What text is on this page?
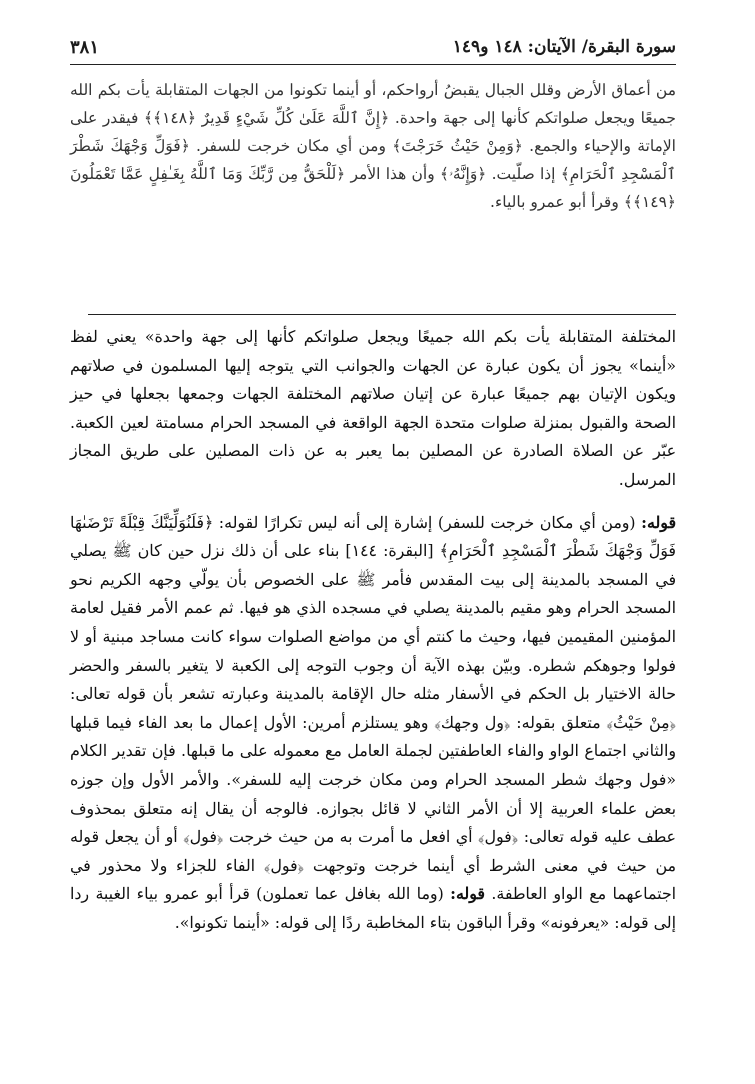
سورة البقرة/ الآيتان: ١٤٨ و١٤٩
٣٨١

من أعماق الأرض وقلل الجبال يقبضُ أرواحكم، أو أينما تكونوا من الجهات المتقابلة يأت بكم الله جميعًا ويجعل صلواتكم كأنها إلى جهة واحدة. ﴿إِنَّ ٱللَّهَ عَلَىٰ كُلِّ شَيْءٍ قَدِيرٌ ﴿١٤٨﴾﴾ فيقدر على الإماتة والإحياء والجمع. ﴿وَمِنْ حَيْثُ خَرَجْتَ﴾ ومن أي مكان خرجت للسفر. ﴿فَوَلِّ وَجْهَكَ شَطْرَ ٱلْمَسْجِدِ ٱلْحَرَامِ﴾ إذا صلّيت. ﴿وَإِنَّهُۥ﴾ وأن هذا الأمر ﴿لَلْحَقُّ مِن رَّبِّكَ وَمَا ٱللَّهُ بِغَـٰفِلٍ عَمَّا تَعْمَلُونَ ﴿١٤٩﴾﴾ وقرأ أبو عمرو بالياء.

المختلفة المتقابلة يأت بكم الله جميعًا ويجعل صلواتكم كأنها إلى جهة واحدة» يعني لفظ «أينما» يجوز أن يكون عبارة عن الجهات والجوانب التي يتوجه إليها المسلمون في صلاتهم ويكون الإتيان بهم جميعًا عبارة عن إتيان صلاتهم المختلفة الجهات وجمعها بجعلها في حيز الصحة والقبول بمنزلة صلوات متحدة الجهة الواقعة في المسجد الحرام مسامتة لعين الكعبة. عبّر عن الصلاة الصادرة عن المصلين بما يعبر به عن ذات المصلين على طريق المجاز المرسل.

قوله: (ومن أي مكان خرجت للسفر) إشارة إلى أنه ليس تكرارًا لقوله: ﴿فَلَنُوَلِّيَنَّكَ قِبْلَةً تَرْضَىٰهَا فَوَلِّ وَجْهَكَ شَطْرَ ٱلْمَسْجِدِ ٱلْحَرَامِ﴾ [البقرة: ١٤٤] بناء على أن ذلك نزل حين كان ﷺ يصلي في المسجد بالمدينة إلى بيت المقدس فأمر ﷺ على الخصوص بأن يولّي وجهه الكريم نحو المسجد الحرام وهو مقيم بالمدينة يصلي في مسجده الذي هو فيها. ثم عمم الأمر فقيل لعامة المؤمنين المقيمين فيها، وحيث ما كنتم أي من مواضع الصلوات سواء كانت مساجد مبنية أو لا فولوا وجوهكم شطره. وبيّن بهذه الآية أن وجوب التوجه إلى الكعبة لا يتغير بالسفر والحضر حالة الاختيار بل الحكم في الأسفار مثله حال الإقامة بالمدينة وعبارته تشعر بأن قوله تعالى: ﴿مِنْ حَيْثُ﴾ متعلق بقوله: ﴿ول وجهك﴾ وهو يستلزم أمرين: الأول إعمال ما بعد الفاء فيما قبلها والثاني اجتماع الواو والفاء العاطفتين لجملة العامل مع معموله على ما قبلها. فإن تقدير الكلام «فول وجهك شطر المسجد الحرام ومن مكان خرجت إليه للسفر». والأمر الأول وإن جوزه بعض علماء العربية إلا أن الأمر الثاني لا قائل بجوازه. فالوجه أن يقال إنه متعلق بمحذوف عطف عليه قوله تعالى: ﴿فول﴾ أي افعل ما أمرت به من حيث خرجت ﴿فول﴾ أو أن يجعل قوله من حيث في معنى الشرط أي أينما خرجت وتوجهت ﴿فول﴾ الفاء للجزاء ولا محذور في اجتماعهما مع الواو العاطفة. قوله: (وما الله بغافل عما تعملون) قرأ أبو عمرو بياء الغيبة ردا إلى قوله: «يعرفونه» وقرأ الباقون بتاء المخاطبة ردًا إلى قوله: «أينما تكونوا».
